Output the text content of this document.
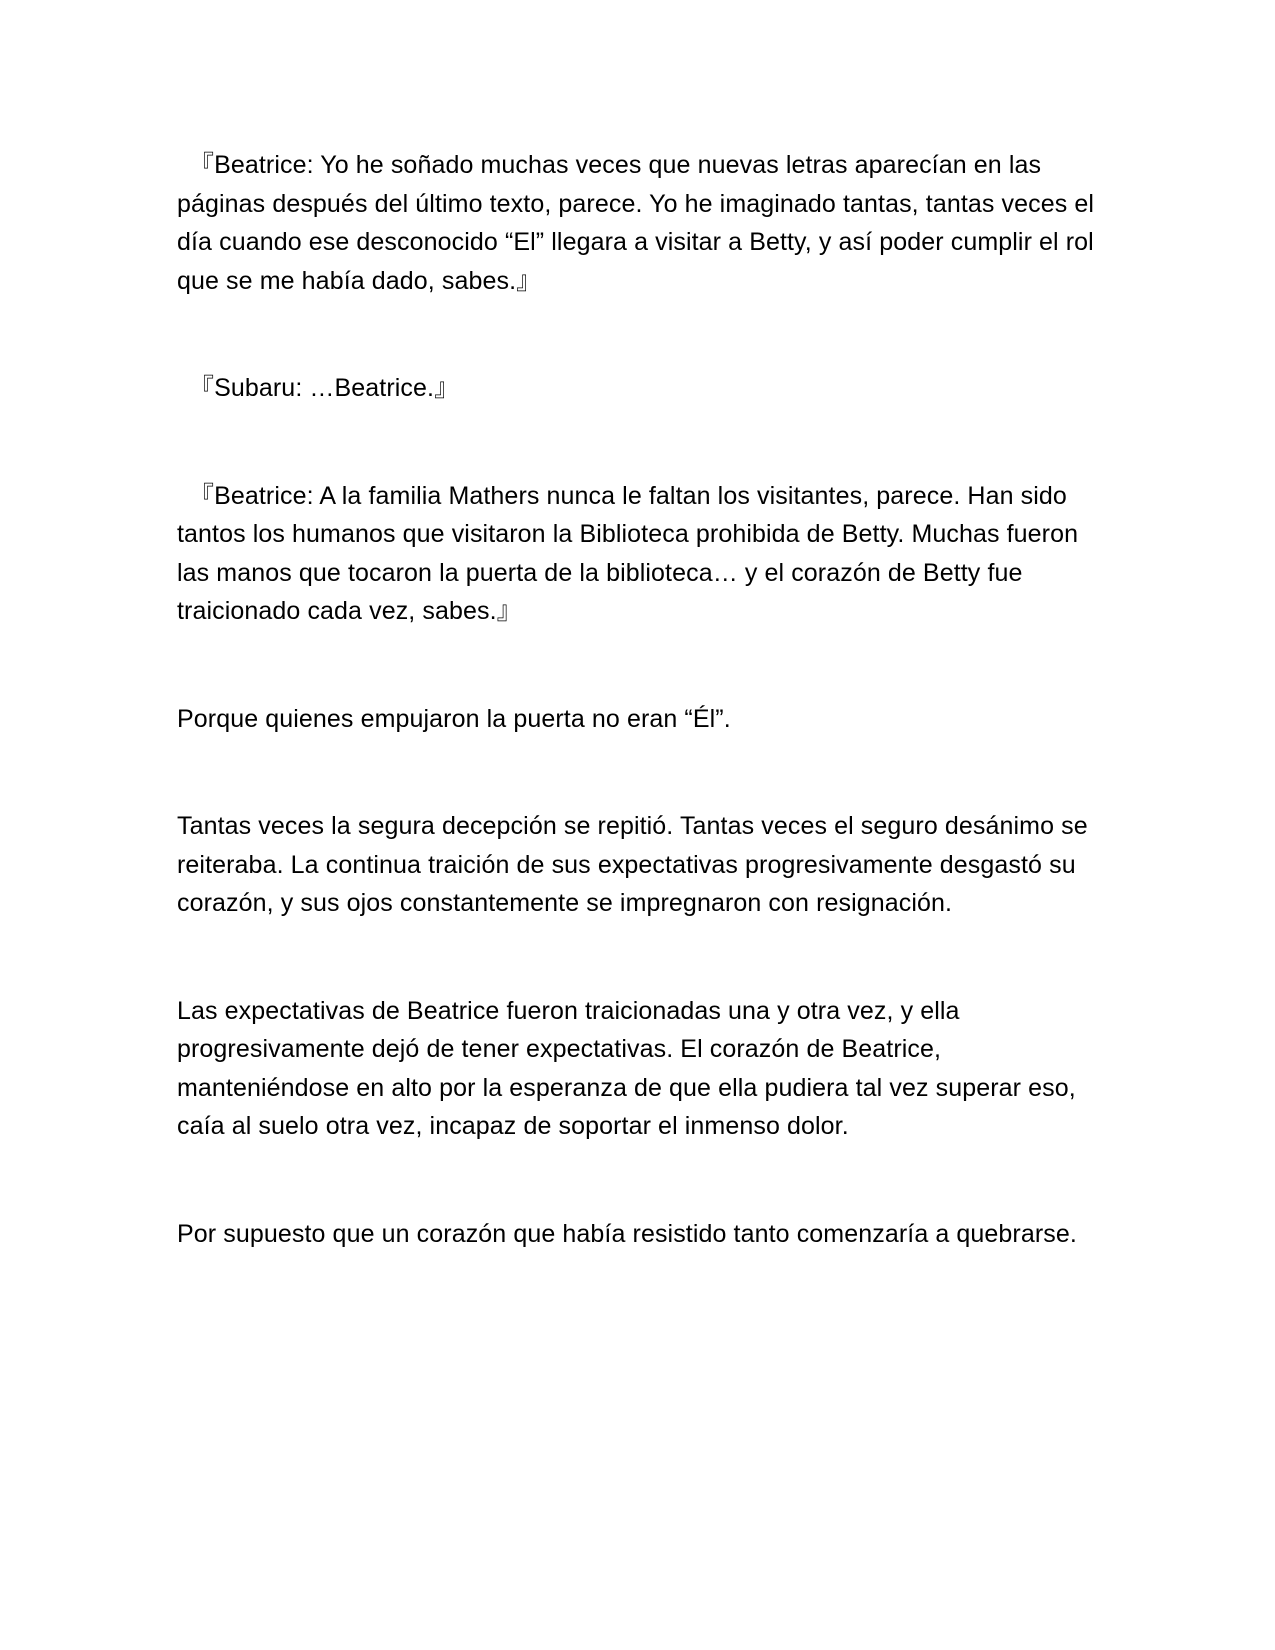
『Beatrice: Yo he soñado muchas veces que nuevas letras aparecían en las páginas después del último texto, parece. Yo he imaginado tantas, tantas veces el día cuando ese desconocido “El” llegara a visitar a Betty, y así poder cumplir el rol que se me había dado, sabes.』

『Subaru: …Beatrice.』

『Beatrice: A la familia Mathers nunca le faltan los visitantes, parece. Han sido tantos los humanos que visitaron la Biblioteca prohibida de Betty. Muchas fueron las manos que tocaron la puerta de la biblioteca… y el corazón de Betty fue traicionado cada vez, sabes.』

Porque quienes empujaron la puerta no eran “Él”.

Tantas veces la segura decepción se repitió. Tantas veces el seguro desánimo se reiteraba. La continua traición de sus expectativas progresivamente desgastó su corazón, y sus ojos constantemente se impregnaron con resignación.

Las expectativas de Beatrice fueron traicionadas una y otra vez, y ella progresivamente dejó de tener expectativas. El corazón de Beatrice, manteniéndose en alto por la esperanza de que ella pudiera tal vez superar eso, caía al suelo otra vez, incapaz de soportar el inmenso dolor.

Por supuesto que un corazón que había resistido tanto comenzaría a quebrarse.
